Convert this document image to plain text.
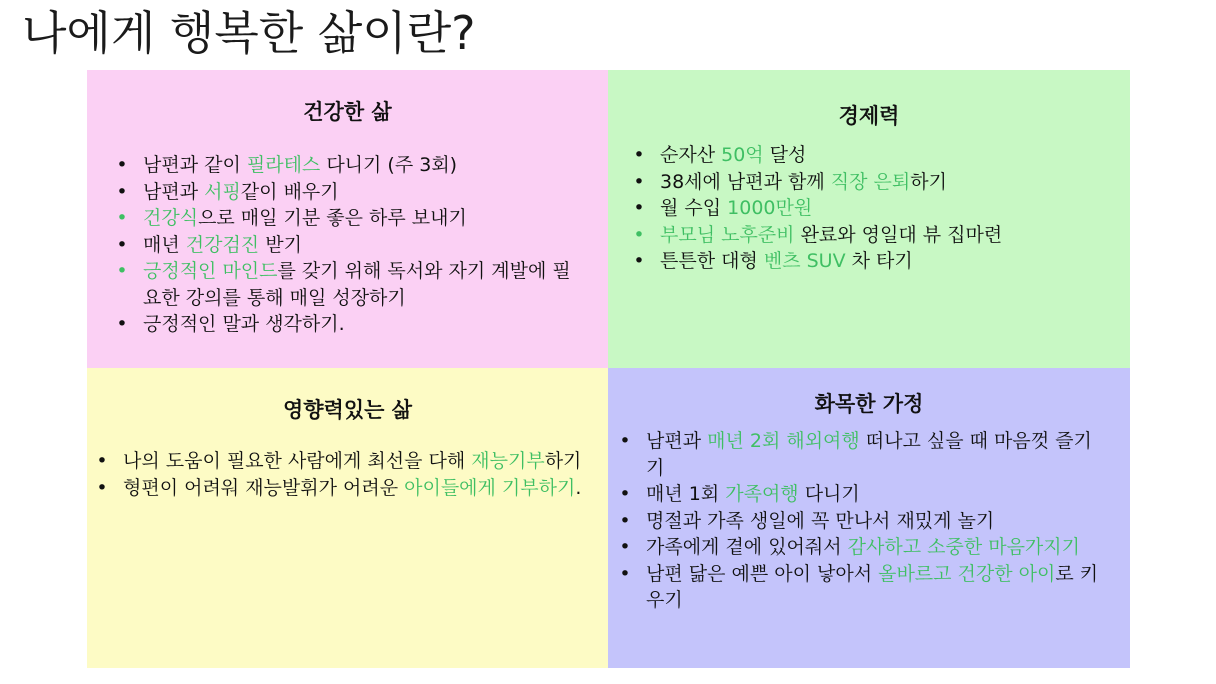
나에게 행복한 삶이란?
건강한 삶
• 남편과 같이 필라테스 다니기 (주 3회)
• 남편과 서핑같이 배우기
• 건강식으로 매일 기분 좋은 하루 보내기
• 매년 건강검진 받기
• 긍정적인 마인드를 갖기 위해 독서와 자기 계발에 필요한 강의를 통해 매일 성장하기
• 긍정적인 말과 생각하기.
경제력
• 순자산 50억 달성
• 38세에 남편과 함께 직장 은퇴하기
• 월 수입 1000만원
• 부모님 노후준비 완료와 영일대 뷰 집마련
• 튼튼한 대형 벤츠 SUV 차 타기
영향력있는 삶
• 나의 도움이 필요한 사람에게 최선을 다해 재능기부하기
• 형편이 어려워 재능발휘가 어려운 아이들에게 기부하기.
화목한 가정
• 남편과 매년 2회 해외여행 떠나고 싶을 때 마음껏 즐기기
• 매년 1회 가족여행 다니기
• 명절과 가족 생일에 꼭 만나서 재밌게 놀기
• 가족에게 곁에 있어줘서 감사하고 소중한 마음가지기
• 남편 닮은 예쁜 아이 낳아서 올바르고 건강한 아이로 키우기
